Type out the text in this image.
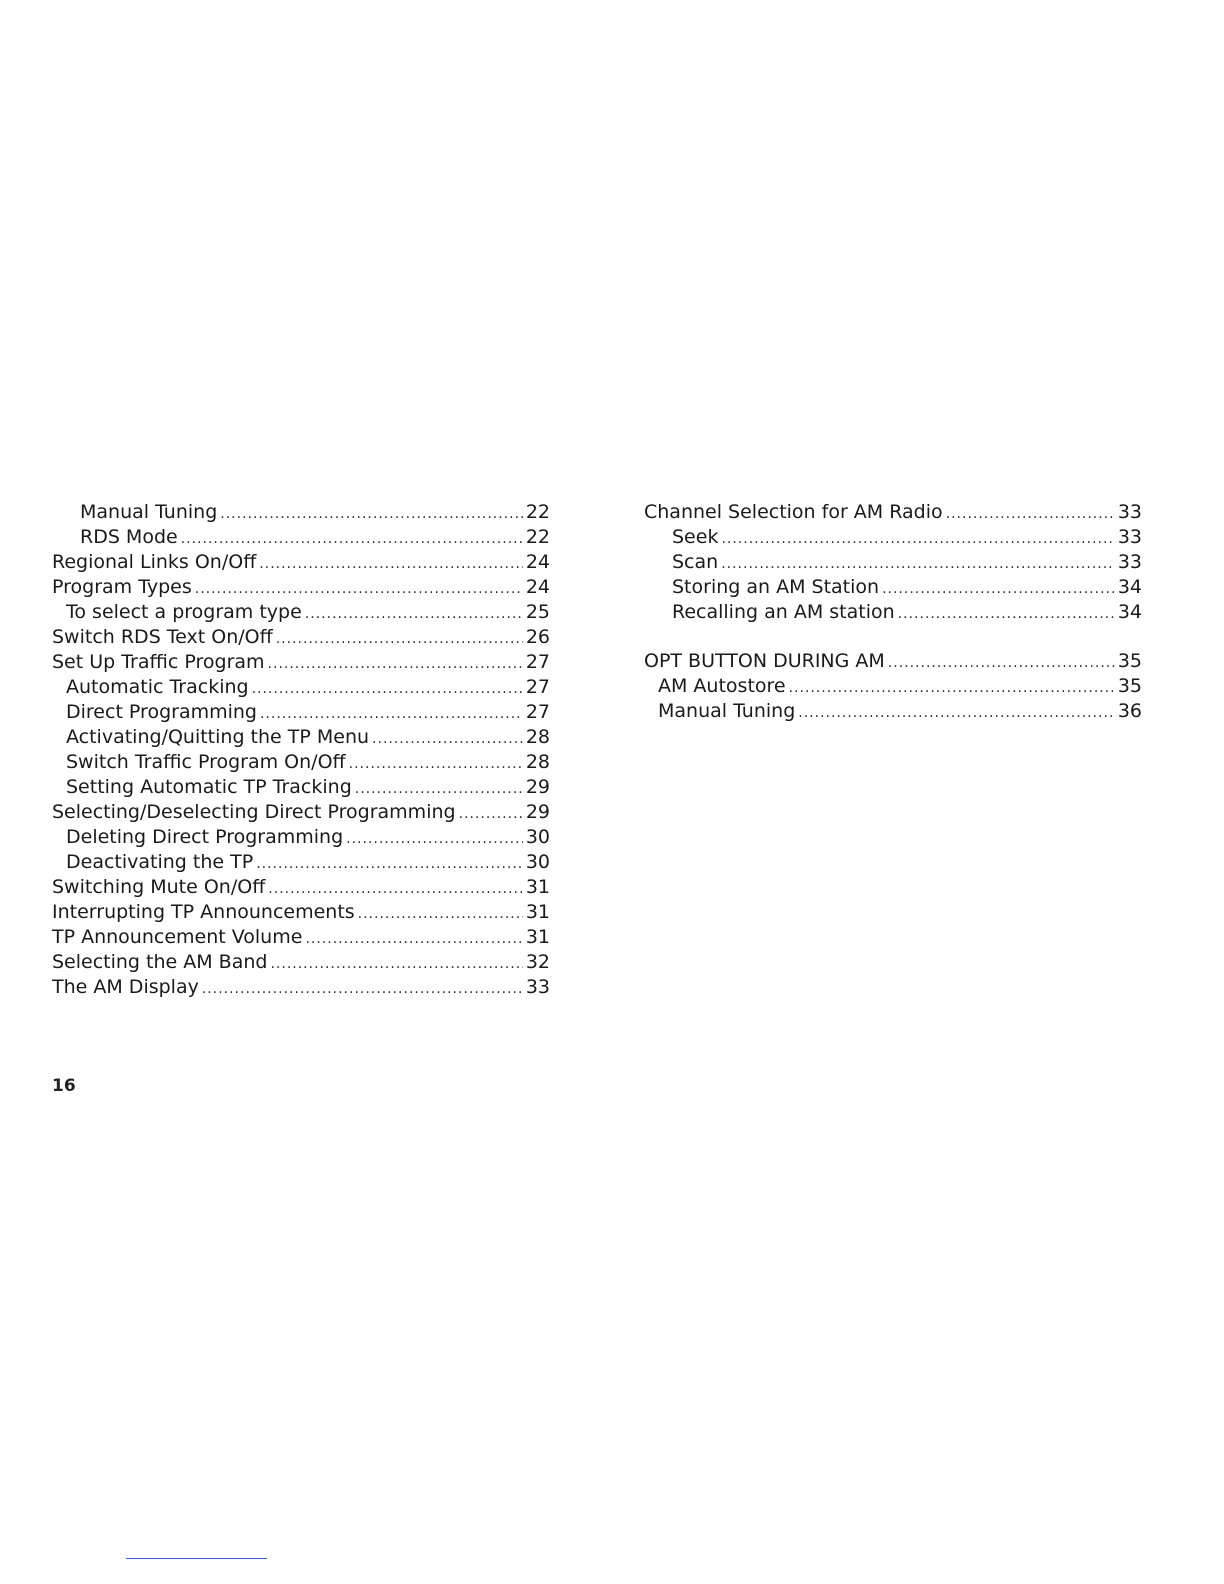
Manual Tuning .....	22
RDS Mode .....	22
Regional Links On/Off .....	24
Program Types .....	24
To select a program type .....	25
Switch RDS Text On/Off .....	26
Set Up Traffic Program .....	27
Automatic Tracking .....	27
Direct Programming .....	27
Activating/Quitting the TP Menu .....	28
Switch Traffic Program On/Off .....	28
Setting Automatic TP Tracking .....	29
Selecting/Deselecting Direct Programming .....	29
Deleting Direct Programming .....	30
Deactivating the TP .....	30
Switching Mute On/Off .....	31
Interrupting TP Announcements .....	31
TP Announcement Volume .....	31
Selecting the AM Band .....	32
The AM Display .....	33
Channel Selection for AM Radio .....	33
Seek .....	33
Scan .....	33
Storing an AM Station .....	34
Recalling an AM station .....	34
OPT BUTTON DURING AM .....	35
AM Autostore .....	35
Manual Tuning .....	36
16
